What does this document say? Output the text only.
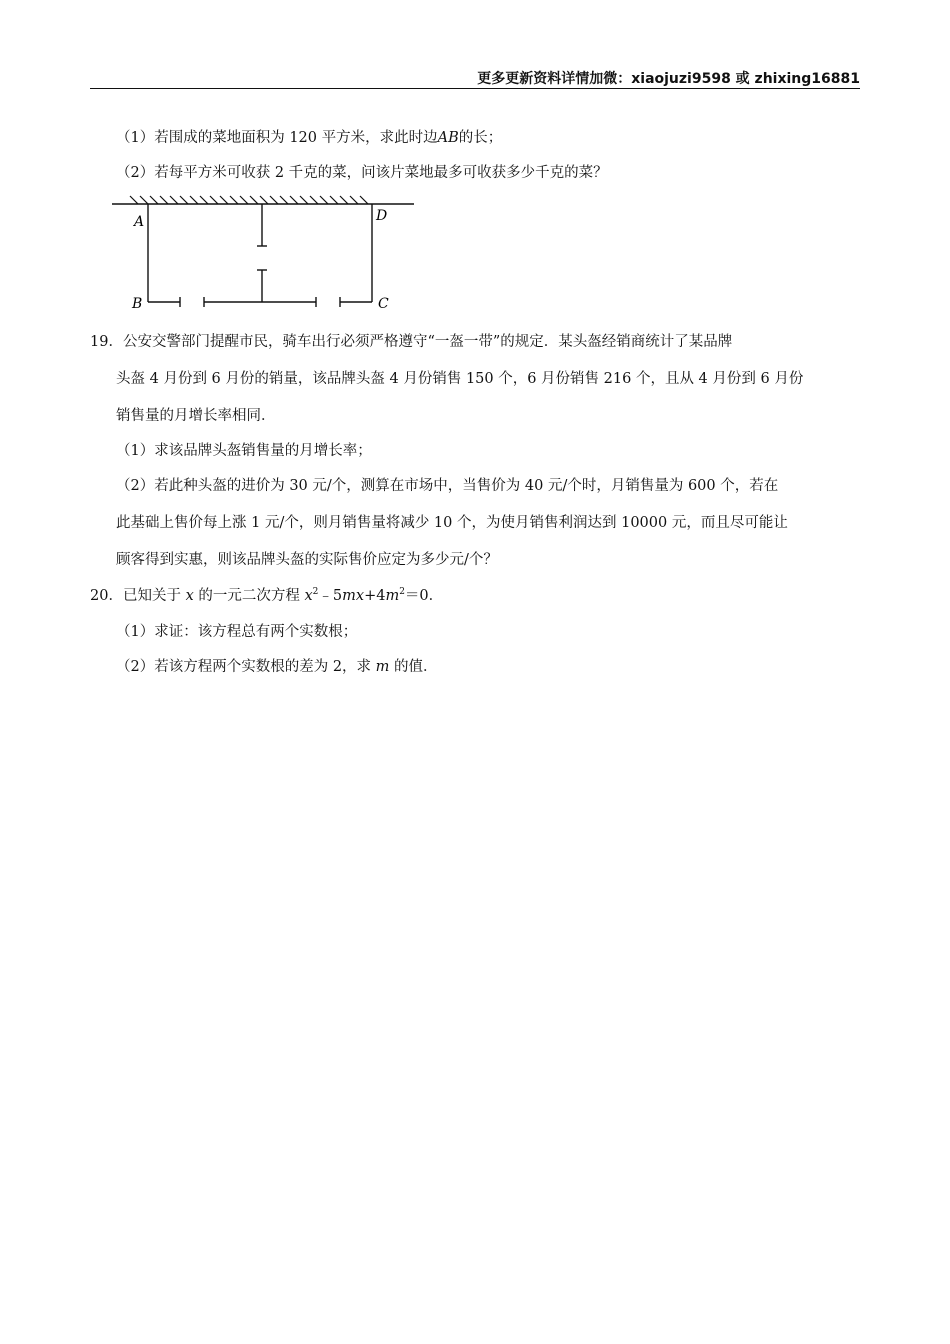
更多更新资料详情加微：xiaojuzi9598 或 zhixing16881
（1）若围成的菜地面积为 120 平方米，求此时边AB的长；
（2）若每平方米可收获 2 千克的菜，问该片菜地最多可收获多少千克的菜？
A	D
B	C
19．公安交警部门提醒市民，骑车出行必须严格遵守“一盔一带”的规定．某头盔经销商统计了某品牌
头盔 4 月份到 6 月份的销量，该品牌头盔 4 月份销售 150 个，6 月份销售 216 个，且从 4 月份到 6 月份
销售量的月增长率相同．
（1）求该品牌头盔销售量的月增长率；
（2）若此种头盔的进价为 30 元/个，测算在市场中，当售价为 40 元/个时，月销售量为 600 个，若在
此基础上售价每上涨 1 元/个，则月销售量将减少 10 个，为使月销售利润达到 10000 元，而且尽可能让
顾客得到实惠，则该品牌头盔的实际售价应定为多少元/个？
20．已知关于 x 的一元二次方程 $x^2﹣5mx+4m^2=0$．
（1）求证：该方程总有两个实数根；
（2）若该方程两个实数根的差为 2，求 m 的值．
